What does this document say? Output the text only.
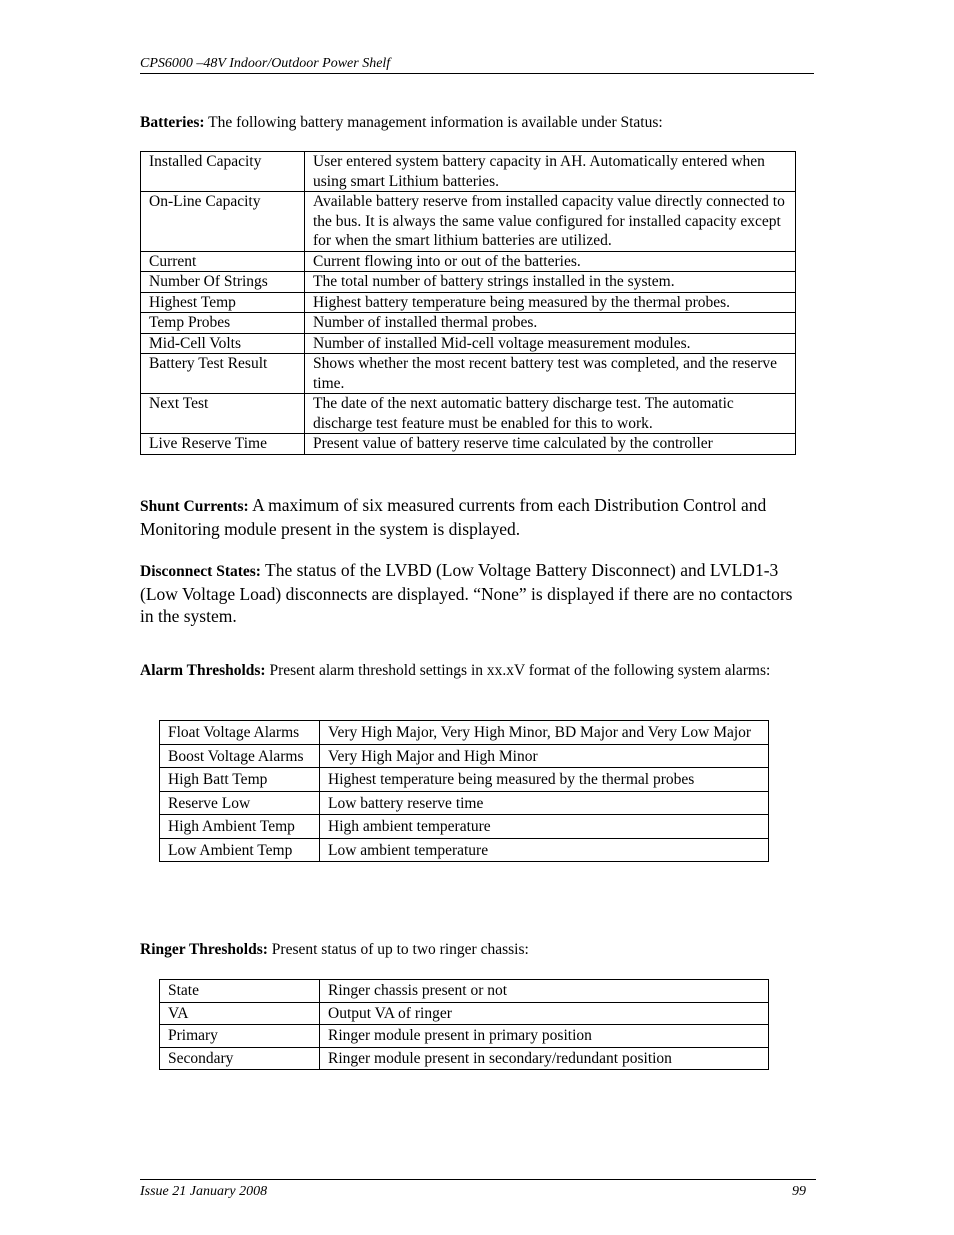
CPS6000 –48V Indoor/Outdoor Power Shelf
Batteries: The following battery management information is available under Status:
Installed Capacity	User entered system battery capacity in AH. Automatically entered when using smart Lithium batteries.
On-Line Capacity	Available battery reserve from installed capacity value directly connected to the bus. It is always the same value configured for installed capacity except for when the smart lithium batteries are utilized.
Current	Current flowing into or out of the batteries.
Number Of Strings	The total number of battery strings installed in the system.
Highest Temp	Highest battery temperature being measured by the thermal probes.
Temp Probes	Number of installed thermal probes.
Mid-Cell Volts	Number of installed Mid-cell voltage measurement modules.
Battery Test Result	Shows whether the most recent battery test was completed, and the reserve time.
Next Test	The date of the next automatic battery discharge test. The automatic discharge test feature must be enabled for this to work.
Live Reserve Time	Present value of battery reserve time calculated by the controller
Shunt Currents: A maximum of six measured currents from each Distribution Control and Monitoring module present in the system is displayed.
Disconnect States: The status of the LVBD (Low Voltage Battery Disconnect) and LVLD1-3 (Low Voltage Load) disconnects are displayed. “None” is displayed if there are no contactors in the system.
Alarm Thresholds: Present alarm threshold settings in xx.xV format of the following system alarms:
Float Voltage Alarms	Very High Major, Very High Minor, BD Major and Very Low Major
Boost Voltage Alarms	Very High Major and High Minor
High Batt Temp	Highest temperature being measured by the thermal probes
Reserve Low	Low battery reserve time
High Ambient Temp	High ambient temperature
Low Ambient Temp	Low ambient temperature
Ringer Thresholds: Present status of up to two ringer chassis:
State	Ringer chassis present or not
VA	Output VA of ringer
Primary	Ringer module present in primary position
Secondary	Ringer module present in secondary/redundant position
Issue 21 January 2008	99
